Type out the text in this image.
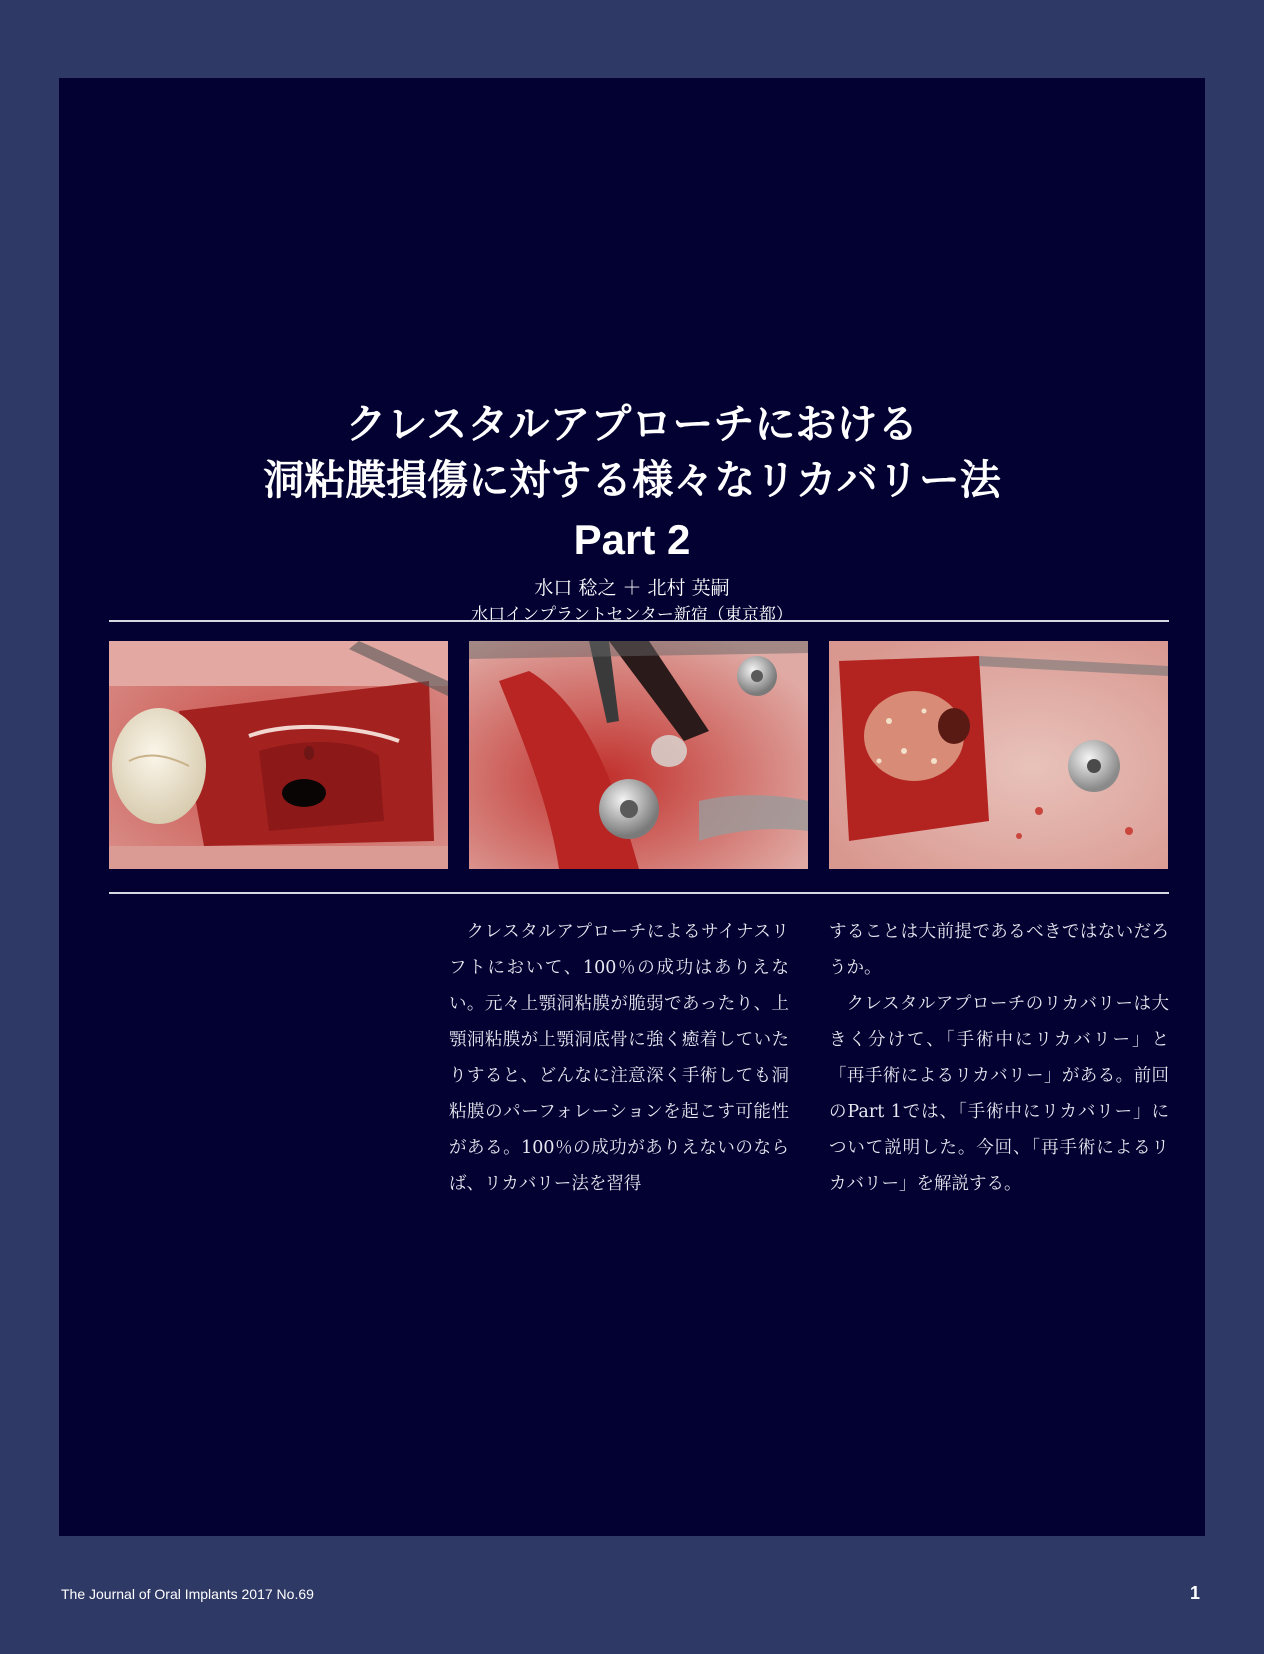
クレスタルアプローチにおける
洞粘膜損傷に対する様々なリカバリー法
Part 2
水口 稔之 ＋ 北村 英嗣
水口インプラントセンター新宿（東京都）

クレスタルアプローチによるサイナスリフトにおいて、100％の成功はありえない。元々上顎洞粘膜が脆弱であったり、上顎洞粘膜が上顎洞底骨に強く癒着していたりすると、どんなに注意深く手術しても洞粘膜のパーフォレーションを起こす可能性がある。100％の成功がありえないのならば、リカバリー法を習得

することは大前提であるべきではないだろうか。

クレスタルアプローチのリカバリーは大きく分けて、「手術中にリカバリー」と「再手術によるリカバリー」がある。前回のPart 1では、「手術中にリカバリー」について説明した。今回、「再手術によるリカバリー」を解説する。

The Journal of Oral Implants 2017 No.69	1
